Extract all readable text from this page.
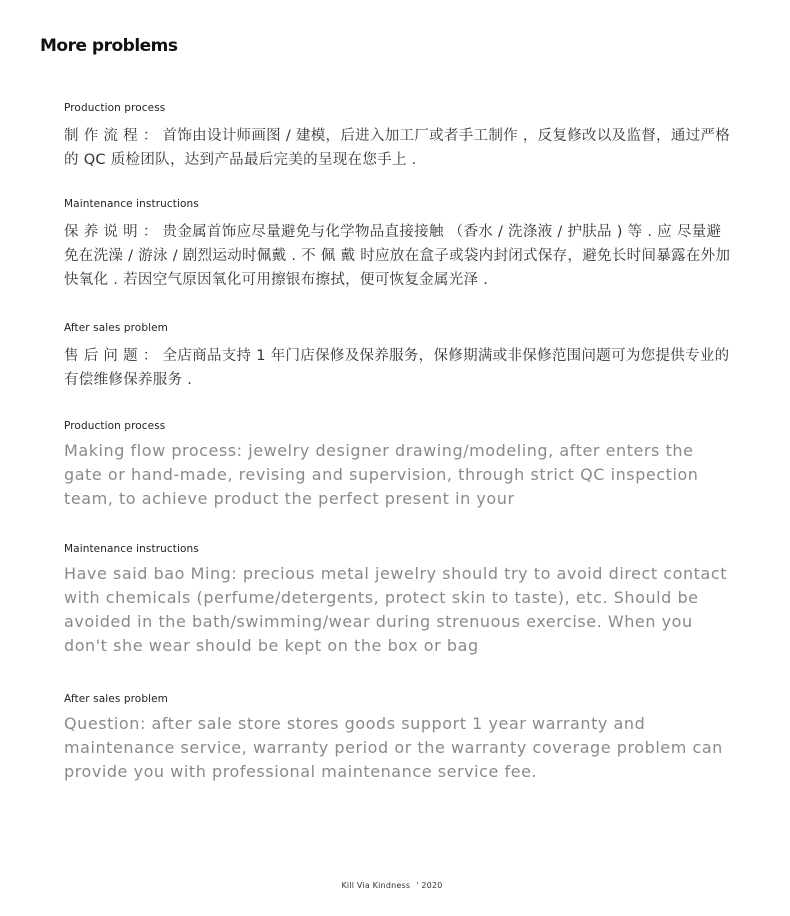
More problems
Production process
制 作 流 程 ： 首饰由设计师画图 / 建模，后进入加工厂或者手工制作 ，反复修改以及监督，通过严格的 QC 质检团队，达到产品最后完美的呈现在您手上 .
Maintenance instructions
保 养 说 明 ： 贵金属首饰应尽量避免与化学物品直接接触 （香水 / 洗涤液 / 护肤品 ) 等 . 应 尽量避免在洗澡 / 游泳 / 剧烈运动时佩戴 . 不 佩 戴 时应放在盒子或袋内封闭式保存，避免长时间暴露在外加快氧化 . 若因空气原因氧化可用擦银布擦拭，便可恢复金属光泽 .
After sales problem
售 后 问 题 ： 全店商品支持 1 年门店保修及保养服务，保修期满或非保修范围问题可为您提供专业的有偿维修保养服务 .
Production process
Making flow process: jewelry designer drawing/modeling, after enters the gate or hand-made, revising and supervision, through strict QC inspection team, to achieve product the perfect present in your
Maintenance instructions
Have said bao Ming: precious metal jewelry should try to avoid direct contact with chemicals (perfume/detergents, protect skin to taste), etc. Should be avoided in the bath/swimming/wear during strenuous exercise. When you don't she wear should be kept on the box or bag
After sales problem
Question: after sale store stores goods support 1 year warranty and maintenance service, warranty period or the warranty coverage problem can provide you with professional maintenance service fee.
Kill Via Kindness ' 2020
